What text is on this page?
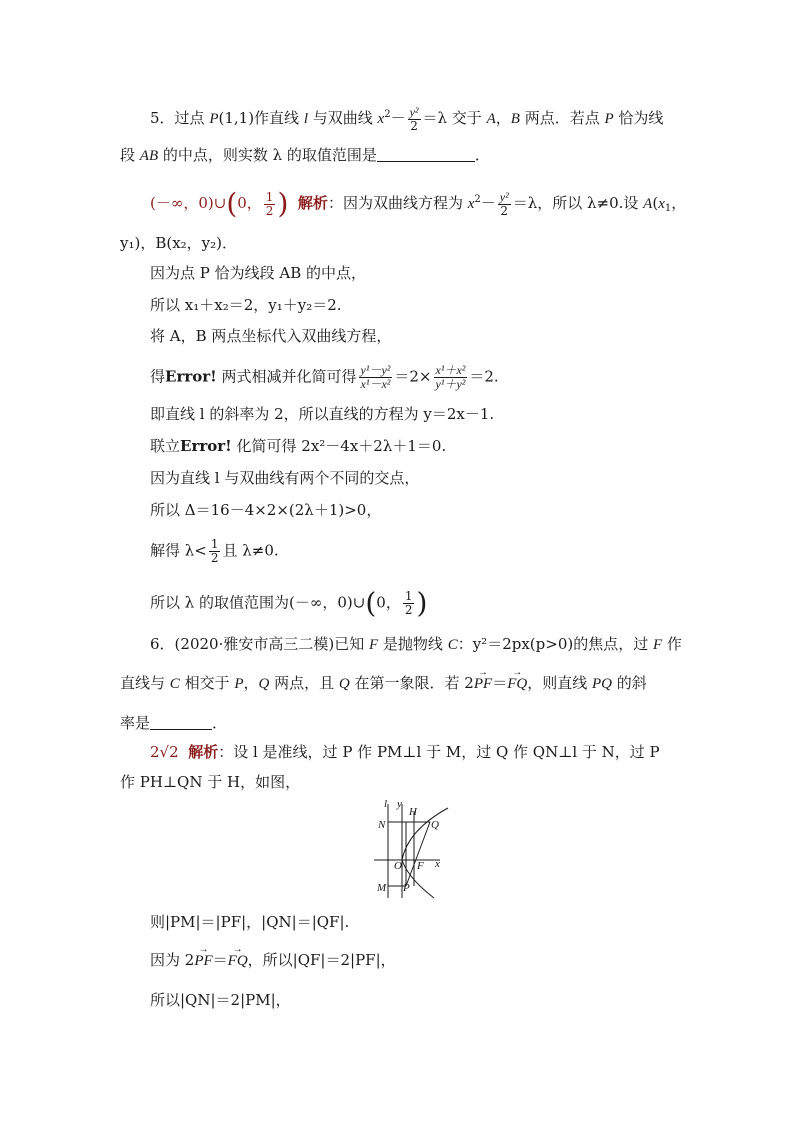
5．过点 P(1,1)作直线 l 与双曲线 $x^2- \frac{\text{y²}}{2} =\lambda$ 交于 A，B 两点．若点 P 恰为线
段 AB 的中点，则实数 λ 的取值范围是	．
(－∞，0)∪(0， $\frac{1}{2}$ ) 解析：因为双曲线方程为 $x^2- \frac{\text{y²}}{2} =\lambda$，所以 λ≠0.设 $A(x_1$，
y₁)，B(x₂，y₂)．
因为点 P 恰为线段 AB 的中点，
所以 x₁＋x₂＝2，y₁＋y₂＝2.
将 A，B 两点坐标代入双曲线方程，
得Error! 两式相减并化简可得 $\frac{\text{y¹－y²}}{\text{x¹－x²}} =2\times \frac{\text{x¹＋x²}}{\text{y¹＋y²}} =2$.
即直线 l 的斜率为 2，所以直线的方程为 y＝2x－1.
联立Error! 化简可得 2x²－4x＋2λ＋1＝0.
因为直线 l 与双曲线有两个不同的交点，
所以 Δ＝16－4×2×(2λ＋1)>0，
解得 $\lambda< \frac{1}{2}$ 且 λ≠0.
所以 λ 的取值范围为(－∞，0)∪(0， $\frac{1}{2}$ )
6．(2020·雅安市高三二模)已知 F 是抛物线 C：y²＝2px(p>0)的焦点，过 F 作
直线与 C 相交于 P，Q 两点，且 Q 在第一象限．若 2→ PF＝→ FQ，则直线 PQ 的斜
率是	．
2√2 解析：设 l 是准线，过 P 作 PM⊥l 于 M，过 Q 作 QN⊥l 于 N，过 P
作 PH⊥QN 于 H，如图，
l y
H
N	Q
O F x
M P
则|PM|＝|PF|，|QN|＝|QF|.
因为 2→ PF＝→ FQ，所以|QF|＝2|PF|，
所以|QN|＝2|PM|，
